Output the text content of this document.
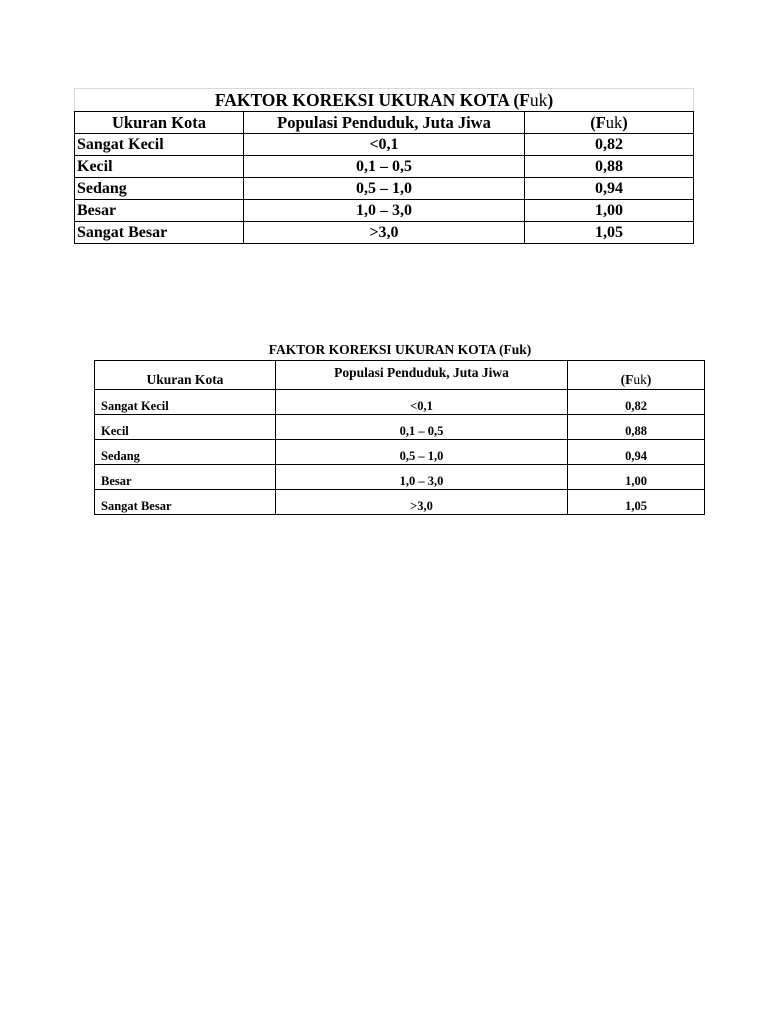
FAKTOR KOREKSI UKURAN KOTA (Fuk)		
Ukuran Kota	Populasi Penduduk, Juta Jiwa	(Fuk)
Sangat Kecil	<0,1	0,82
Kecil	0,1 – 0,5	0,88
Sedang	0,5 – 1,0	0,94
Besar	1,0 – 3,0	1,00
Sangat Besar	>3,0	1,05
FAKTOR KOREKSI UKURAN KOTA (Fuk)
Ukuran Kota	Populasi Penduduk, Juta Jiwa	(Fuk)
Sangat Kecil	<0,1	0,82
Kecil	0,1 – 0,5	0,88
Sedang	0,5 – 1,0	0,94
Besar	1,0 – 3,0	1,00
Sangat Besar	>3,0	1,05
